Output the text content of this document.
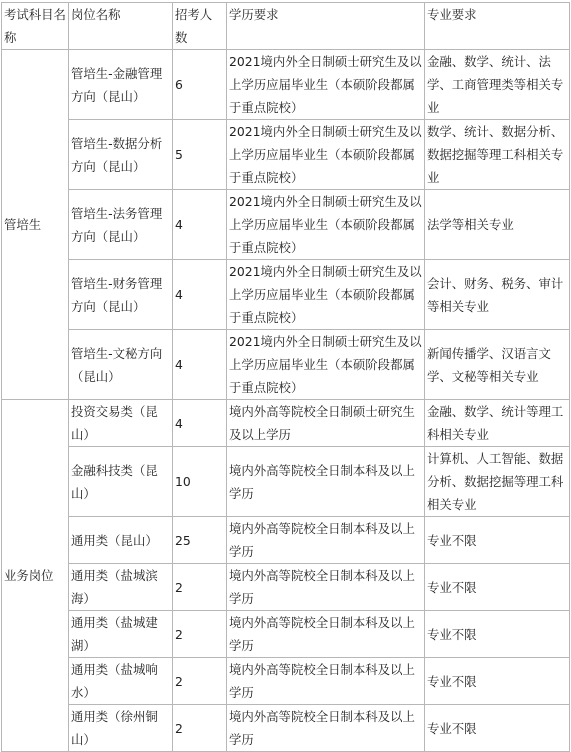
考试科目名称	岗位名称	招考人数	学历要求	专业要求
管培生	管培生-金融管理方向（昆山）	6	2021境内外全日制硕士研究生及以上学历应届毕业生（本硕阶段都属于重点院校）	金融、数学、统计、法学、工商管理类等相关专业
	管培生-数据分析方向（昆山）	5	2021境内外全日制硕士研究生及以上学历应届毕业生（本硕阶段都属于重点院校）	数学、统计、数据分析、数据挖掘等理工科相关专业
	管培生-法务管理方向（昆山）	4	2021境内外全日制硕士研究生及以上学历应届毕业生（本硕阶段都属于重点院校）	法学等相关专业
	管培生-财务管理方向（昆山）	4	2021境内外全日制硕士研究生及以上学历应届毕业生（本硕阶段都属于重点院校）	会计、财务、税务、审计等相关专业
	管培生-文秘方向（昆山）	4	2021境内外全日制硕士研究生及以上学历应届毕业生（本硕阶段都属于重点院校）	新闻传播学、汉语言文学、文秘等相关专业
业务岗位	投资交易类（昆山）	4	境内外高等院校全日制硕士研究生及以上学历	金融、数学、统计等理工科相关专业
	金融科技类（昆山）	10	境内外高等院校全日制本科及以上学历	计算机、人工智能、数据分析、数据挖掘等理工科相关专业
	通用类（昆山）	25	境内外高等院校全日制本科及以上学历	专业不限
	通用类（盐城滨海）	2	境内外高等院校全日制本科及以上学历	专业不限
	通用类（盐城建湖）	2	境内外高等院校全日制本科及以上学历	专业不限
	通用类（盐城响水）	2	境内外高等院校全日制本科及以上学历	专业不限
	通用类（徐州铜山）	2	境内外高等院校全日制本科及以上学历	专业不限
